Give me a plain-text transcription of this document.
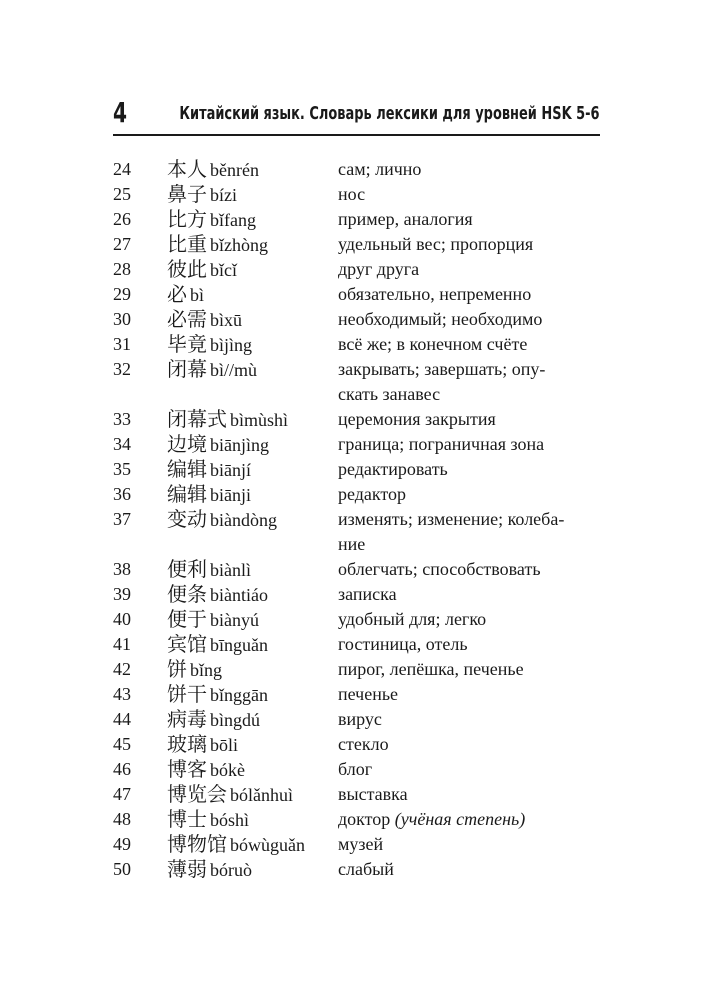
4	Китайский язык. Словарь лексики для уровней HSK 5-6
24 本人 běnrén	сам; лично
25 鼻子 bízi	нос
26 比方 bǐfang	пример, аналогия
27 比重 bǐzhòng	удельный вес; пропорция
28 彼此 bǐcǐ	друг друга
29 必 bì	обязательно, непременно
30 必需 bìxū	необходимый; необходимо
31 毕竟 bìjìng	всё же; в конечном счёте
32 闭幕 bì//mù	закрывать; завершать; опу-
скать занавес
33 闭幕式 bìmùshì	церемония закрытия
34 边境 biānjìng	граница; пограничная зона
35 编辑 biānjí	редактировать
36 编辑 biānji	редактор
37 变动 biàndòng	изменять; изменение; колеба-
ние
38 便利 biànlì	облегчать; способствовать
39 便条 biàntiáo	записка
40 便于 biànyú	удобный для; легко
41 宾馆 bīnguǎn	гостиница, отель
42 饼 bǐng	пирог, лепёшка, печенье
43 饼干 bǐnggān	печенье
44 病毒 bìngdú	вирус
45 玻璃 bōli	стекло
46 博客 bókè	блог
47 博览会 bólǎnhuì	выставка
48 博士 bóshì	доктор (учёная степень)
49 博物馆 bówùguǎn музей
50 薄弱 bóruò	слабый
